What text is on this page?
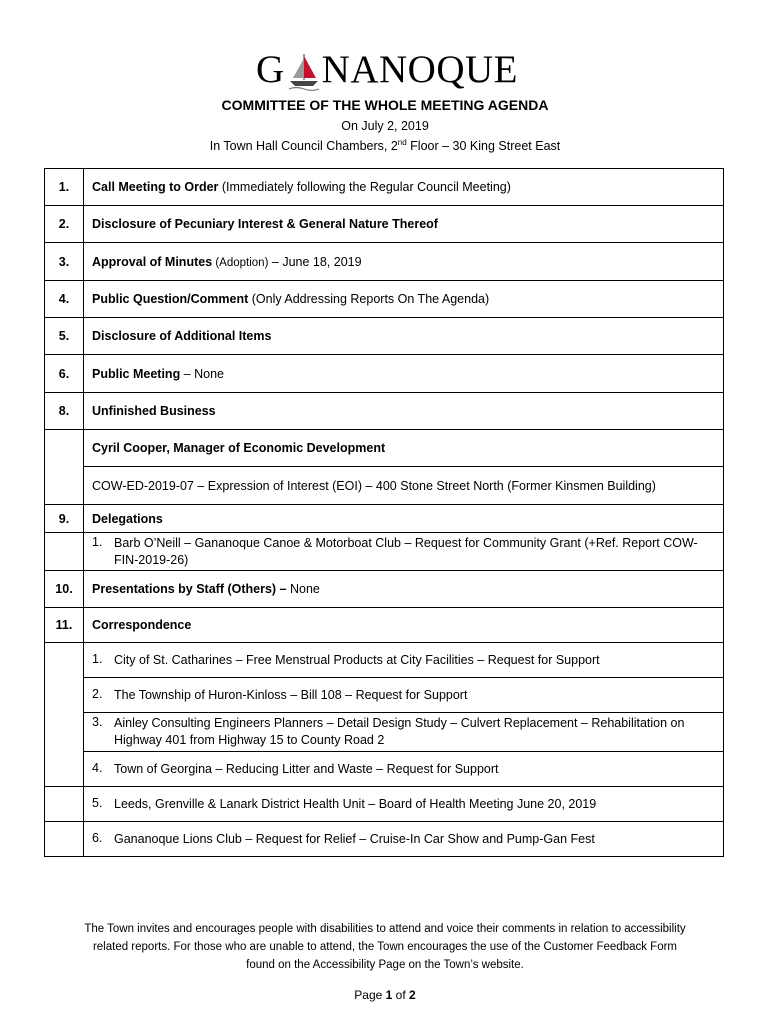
G NANOQUE
COMMITTEE OF THE WHOLE MEETING AGENDA
On July 2, 2019
In Town Hall Council Chambers, 2nd Floor – 30 King Street East
1.	Call Meeting to Order (Immediately following the Regular Council Meeting)
2.	Disclosure of Pecuniary Interest & General Nature Thereof
3.	Approval of Minutes (Adoption) – June 18, 2019
4.	Public Question/Comment (Only Addressing Reports On The Agenda)
5.	Disclosure of Additional Items
6.	Public Meeting – None
8.	Unfinished Business
	Cyril Cooper, Manager of Economic Development
	COW-ED-2019-07 – Expression of Interest (EOI) – 400 Stone Street North (Former Kinsmen Building)
9.	Delegations

	1. Barb O’Neill – Gananoque Canoe & Motorboat Club – Request for Community Grant (+Ref. Report COW-FIN-2019-26)

10.	Presentations by Staff (Others) – None
11.	Correspondence

	1. City of St. Catharines – Free Menstrual Products at City Facilities – Request for Support

	2. The Township of Huron-Kinloss – Bill 108 – Request for Support

	3. Ainley Consulting Engineers Planners – Detail Design Study – Culvert Replacement – Rehabilitation on Highway 401 from Highway 15 to County Road 2

	4. Town of Georgina – Reducing Litter and Waste – Request for Support

	5. Leeds, Grenville & Lanark District Health Unit – Board of Health Meeting June 20, 2019

	6. Gananoque Lions Club – Request for Relief – Cruise-In Car Show and Pump-Gan Fest
The Town invites and encourages people with disabilities to attend and voice their comments in relation to accessibility related reports. For those who are unable to attend, the Town encourages the use of the Customer Feedback Form found on the Accessibility Page on the Town’s website.
Page 1 of 2
